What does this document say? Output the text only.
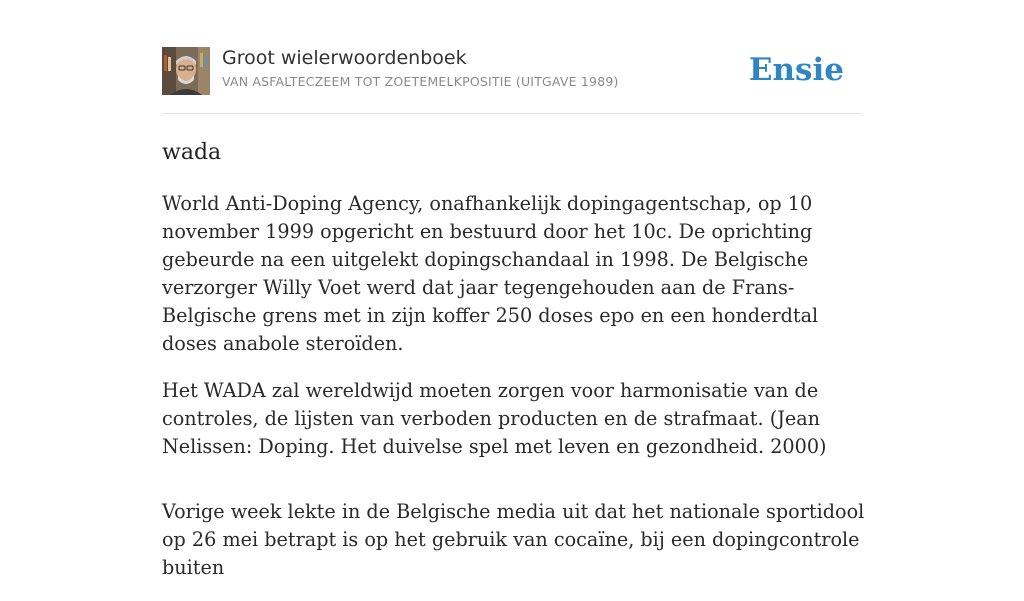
Groot wielerwoordenboek
VAN ASFALTECZEEM TOT ZOETEMELKPOSITIE (UITGAVE 1989)	Ensie
wada

World Anti-Doping Agency, onafhankelijk dopingagentschap, op 10 november 1999 opgericht en bestuurd door het 10c. De oprichting gebeurde na een uitgelekt dopingschandaal in 1998. De Belgische verzorger Willy Voet werd dat jaar tegengehouden aan de Frans-Belgische grens met in zijn koffer 250 doses epo en een honderdtal doses anabole steroïden.

Het WADA zal wereldwijd moeten zorgen voor harmonisatie van de controles, de lijsten van verboden producten en de strafmaat. (Jean Nelissen: Doping. Het duivelse spel met leven en gezondheid. 2000)

Vorige week lekte in de Belgische media uit dat het nationale sportidool op 26 mei betrapt is op het gebruik van cocaïne, bij een dopingcontrole buiten
